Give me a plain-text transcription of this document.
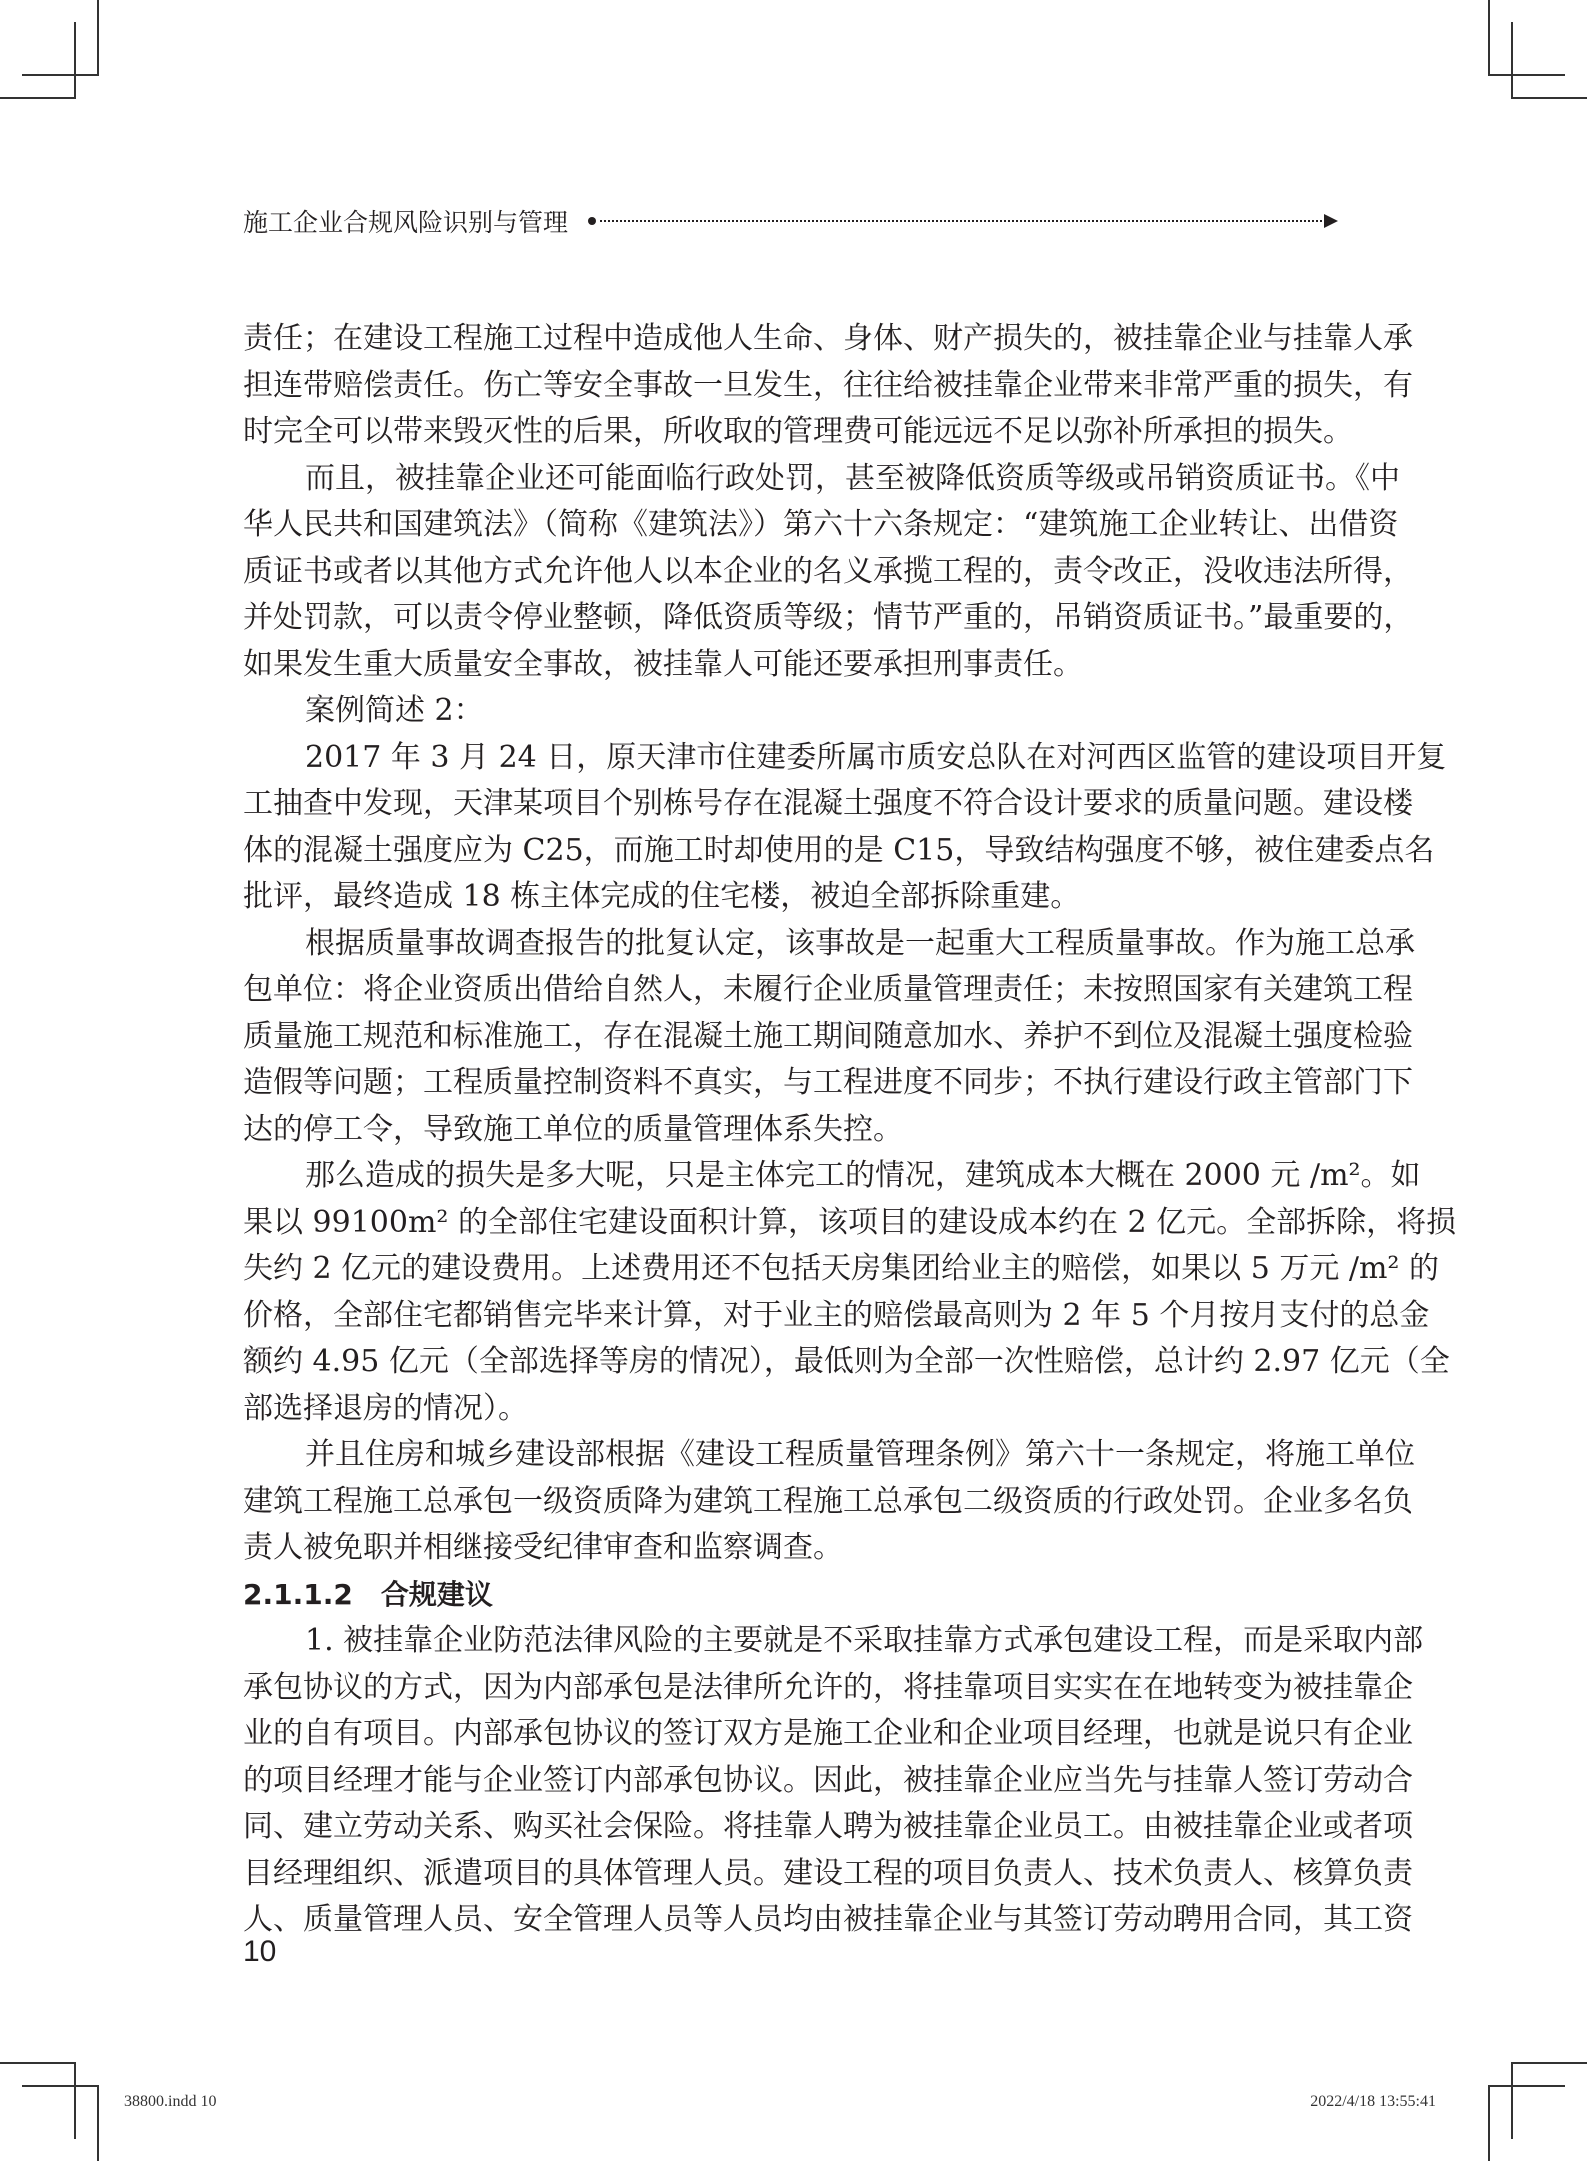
施工企业合规风险识别与管理
责任；在建设工程施工过程中造成他人生命、身体、财产损失的，被挂靠企业与挂靠人承
担连带赔偿责任。伤亡等安全事故一旦发生，往往给被挂靠企业带来非常严重的损失，有
时完全可以带来毁灭性的后果，所收取的管理费可能远远不足以弥补所承担的损失。
而且，被挂靠企业还可能面临行政处罚，甚至被降低资质等级或吊销资质证书。《中
华人民共和国建筑法》（简称《建筑法》）第六十六条规定：“建筑施工企业转让、出借资
质证书或者以其他方式允许他人以本企业的名义承揽工程的，责令改正，没收违法所得，
并处罚款，可以责令停业整顿，降低资质等级；情节严重的，吊销资质证书。”最重要的，
如果发生重大质量安全事故，被挂靠人可能还要承担刑事责任。
案例简述 2：
2017 年 3 月 24 日，原天津市住建委所属市质安总队在对河西区监管的建设项目开复
工抽查中发现，天津某项目个别栋号存在混凝土强度不符合设计要求的质量问题。建设楼
体的混凝土强度应为 C25，而施工时却使用的是 C15，导致结构强度不够，被住建委点名
批评，最终造成 18 栋主体完成的住宅楼，被迫全部拆除重建。
根据质量事故调查报告的批复认定，该事故是一起重大工程质量事故。作为施工总承
包单位：将企业资质出借给自然人，未履行企业质量管理责任；未按照国家有关建筑工程
质量施工规范和标准施工，存在混凝土施工期间随意加水、养护不到位及混凝土强度检验
造假等问题；工程质量控制资料不真实，与工程进度不同步；不执行建设行政主管部门下
达的停工令，导致施工单位的质量管理体系失控。
那么造成的损失是多大呢，只是主体完工的情况，建筑成本大概在 2000 元 /m²。如
果以 99100m² 的全部住宅建设面积计算，该项目的建设成本约在 2 亿元。全部拆除，将损
失约 2 亿元的建设费用。上述费用还不包括天房集团给业主的赔偿，如果以 5 万元 /m² 的
价格，全部住宅都销售完毕来计算，对于业主的赔偿最高则为 2 年 5 个月按月支付的总金
额约 4.95 亿元（全部选择等房的情况），最低则为全部一次性赔偿，总计约 2.97 亿元（全
部选择退房的情况）。
并且住房和城乡建设部根据《建设工程质量管理条例》第六十一条规定，将施工单位
建筑工程施工总承包一级资质降为建筑工程施工总承包二级资质的行政处罚。企业多名负
责人被免职并相继接受纪律审查和监察调查。
2.1.1.2　合规建议
1. 被挂靠企业防范法律风险的主要就是不采取挂靠方式承包建设工程，而是采取内部
承包协议的方式，因为内部承包是法律所允许的，将挂靠项目实实在在地转变为被挂靠企
业的自有项目。内部承包协议的签订双方是施工企业和企业项目经理，也就是说只有企业
的项目经理才能与企业签订内部承包协议。因此，被挂靠企业应当先与挂靠人签订劳动合
同、建立劳动关系、购买社会保险。将挂靠人聘为被挂靠企业员工。由被挂靠企业或者项
目经理组织、派遣项目的具体管理人员。建设工程的项目负责人、技术负责人、核算负责
人、质量管理人员、安全管理人员等人员均由被挂靠企业与其签订劳动聘用合同，其工资
10
38800.indd 10	2022/4/18 13:55:41
